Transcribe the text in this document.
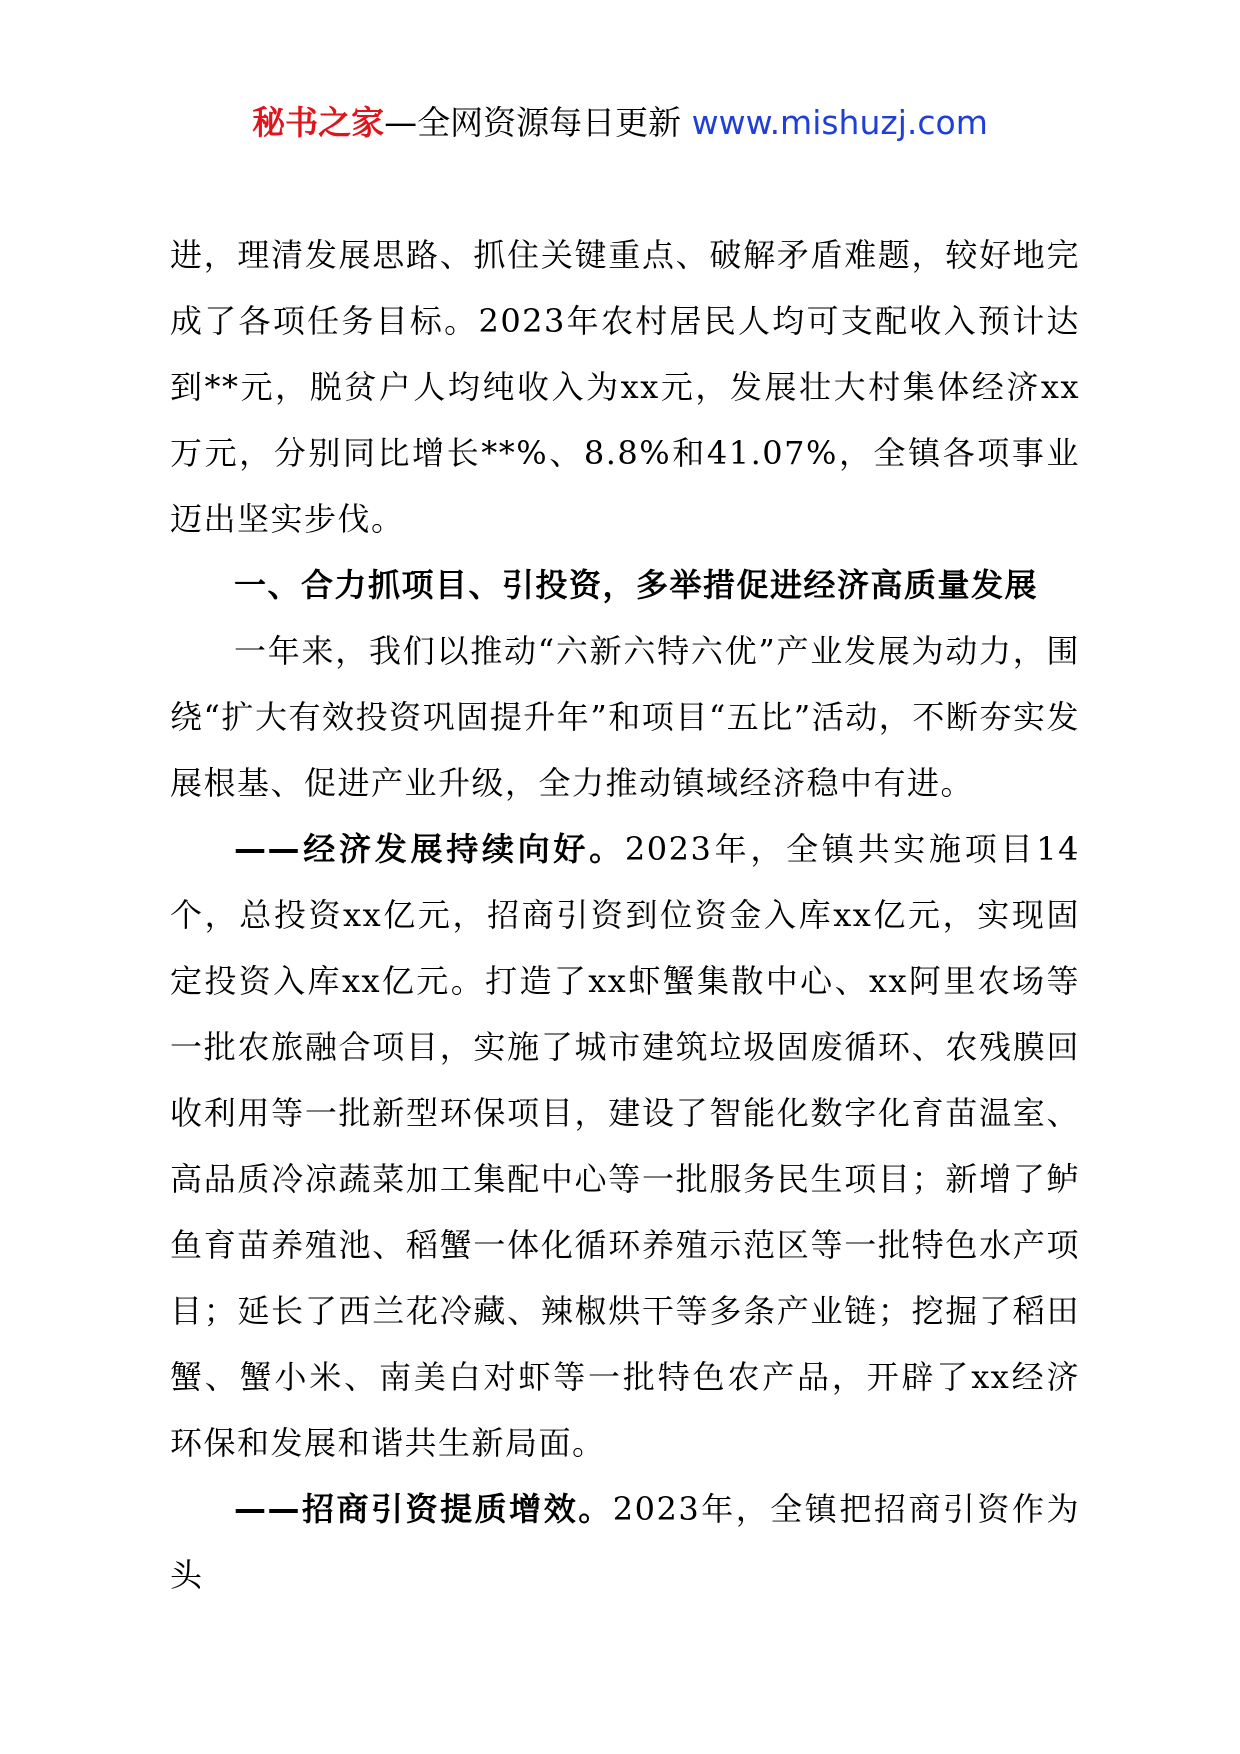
秘书之家—全网资源每日更新 www.mishuzj.com

进，理清发展思路、抓住关键重点、破解矛盾难题，较好地完成了各项任务目标。2023年农村居民人均可支配收入预计达到**元，脱贫户人均纯收入为xx元，发展壮大村集体经济xx万元，分别同比增长**%、8.8%和41.07%，全镇各项事业迈出坚实步伐。

一、合力抓项目、引投资，多举措促进经济高质量发展

一年来，我们以推动“六新六特六优”产业发展为动力，围绕“扩大有效投资巩固提升年”和项目“五比”活动，不断夯实发展根基、促进产业升级，全力推动镇域经济稳中有进。

——经济发展持续向好。2023年，全镇共实施项目14个，总投资xx亿元，招商引资到位资金入库xx亿元，实现固定投资入库xx亿元。打造了xx虾蟹集散中心、xx阿里农场等一批农旅融合项目，实施了城市建筑垃圾固废循环、农残膜回收利用等一批新型环保项目，建设了智能化数字化育苗温室、高品质冷凉蔬菜加工集配中心等一批服务民生项目；新增了鲈鱼育苗养殖池、稻蟹一体化循环养殖示范区等一批特色水产项目；延长了西兰花冷藏、辣椒烘干等多条产业链；挖掘了稻田蟹、蟹小米、南美白对虾等一批特色农产品，开辟了xx经济环保和发展和谐共生新局面。

——招商引资提质增效。2023年，全镇把招商引资作为头
